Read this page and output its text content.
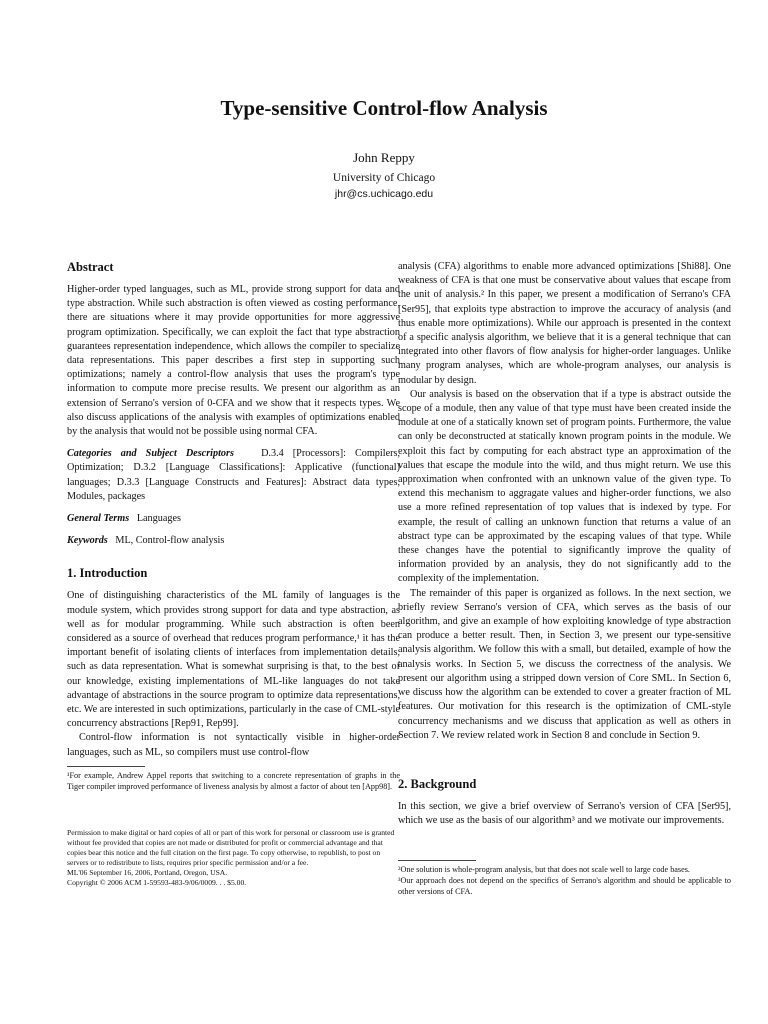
Type-sensitive Control-flow Analysis
John Reppy
University of Chicago
jhr@cs.uchicago.edu
Abstract

Higher-order typed languages, such as ML, provide strong support for data and type abstraction. While such abstraction is often viewed as costing performance, there are situations where it may provide opportunities for more aggressive program optimization. Specifically, we can exploit the fact that type abstraction guarantees representation independence, which allows the compiler to specialize data representations. This paper describes a first step in supporting such optimizations; namely a control-flow analysis that uses the program's type information to compute more precise results. We present our algorithm as an extension of Serrano's version of 0-CFA and we show that it respects types. We also discuss applications of the analysis with examples of optimizations enabled by the analysis that would not be possible using normal CFA.

Categories and Subject Descriptors	D.3.4 [Processors]: Compilers, Optimization; D.3.2 [Language Classifications]: Applicative (functional) languages; D.3.3 [Language Constructs and Features]: Abstract data types, Modules, packages

General Terms Languages

Keywords ML, Control-flow analysis

1. Introduction

One of distinguishing characteristics of the ML family of languages is the module system, which provides strong support for data and type abstraction, as well as for modular programming. While such abstraction is often been considered as a source of overhead that reduces program performance,¹ it has the important benefit of isolating clients of interfaces from implementation details, such as data representation. What is somewhat surprising is that, to the best of our knowledge, existing implementations of ML-like languages do not take advantage of abstractions in the source program to optimize data representations, etc. We are interested in such optimizations, particularly in the case of CML-style concurrency abstractions [Rep91, Rep99].

Control-flow information is not syntactically visible in higher-order languages, such as ML, so compilers must use control-flow

¹For example, Andrew Appel reports that switching to a concrete representation of graphs in the Tiger compiler improved performance of liveness analysis by almost a factor of about ten [App98].

Permission to make digital or hard copies of all or part of this work for personal or classroom use is granted without fee provided that copies are not made or distributed for profit or commercial advantage and that copies bear this notice and the full citation on the first page. To copy otherwise, to republish, to post on servers or to redistribute to lists, requires prior specific permission and/or a fee.

ML'06 September 16, 2006, Portland, Oregon, USA.

Copyright © 2006 ACM 1-59593-483-9/06/0009. . . $5.00.

analysis (CFA) algorithms to enable more advanced optimizations [Shi88]. One weakness of CFA is that one must be conservative about values that escape from the unit of analysis.² In this paper, we present a modification of Serrano's CFA [Ser95], that exploits type abstraction to improve the accuracy of analysis (and thus enable more optimizations). While our approach is presented in the context of a specific analysis algorithm, we believe that it is a general technique that can integrated into other flavors of flow analysis for higher-order languages. Unlike many program analyses, which are whole-program analyses, our analysis is modular by design.

Our analysis is based on the observation that if a type is abstract outside the scope of a module, then any value of that type must have been created inside the module at one of a statically known set of program points. Furthermore, the value can only be deconstructed at statically known program points in the module. We exploit this fact by computing for each abstract type an approximation of the values that escape the module into the wild, and thus might return. We use this approximation when confronted with an unknown value of the given type. To extend this mechanism to aggragate values and higher-order functions, we also use a more refined representation of top values that is indexed by type. For example, the result of calling an unknown function that returns a value of an abstract type can be approximated by the escaping values of that type. While these changes have the potential to significantly improve the quality of information provided by an analysis, they do not significantly add to the complexity of the implementation.

The remainder of this paper is organized as follows. In the next section, we briefly review Serrano's version of CFA, which serves as the basis of our algorithm, and give an example of how exploiting knowledge of type abstraction can produce a better result. Then, in Section 3, we present our type-sensitive analysis algorithm. We follow this with a small, but detailed, example of how the analysis works. In Section 5, we discuss the correctness of the analysis. We present our algorithm using a stripped down version of Core SML. In Section 6, we discuss how the algorithm can be extended to cover a greater fraction of ML features. Our motivation for this research is the optimization of CML-style concurrency mechanisms and we discuss that application as well as others in Section 7. We review related work in Section 8 and conclude in Section 9.

2. Background

In this section, we give a brief overview of Serrano's version of CFA [Ser95], which we use as the basis of our algorithm³ and we motivate our improvements.

²One solution is whole-program analysis, but that does not scale well to large code bases.

³Our approach does not depend on the specifics of Serrano's algorithm and should be applicable to other versions of CFA.
